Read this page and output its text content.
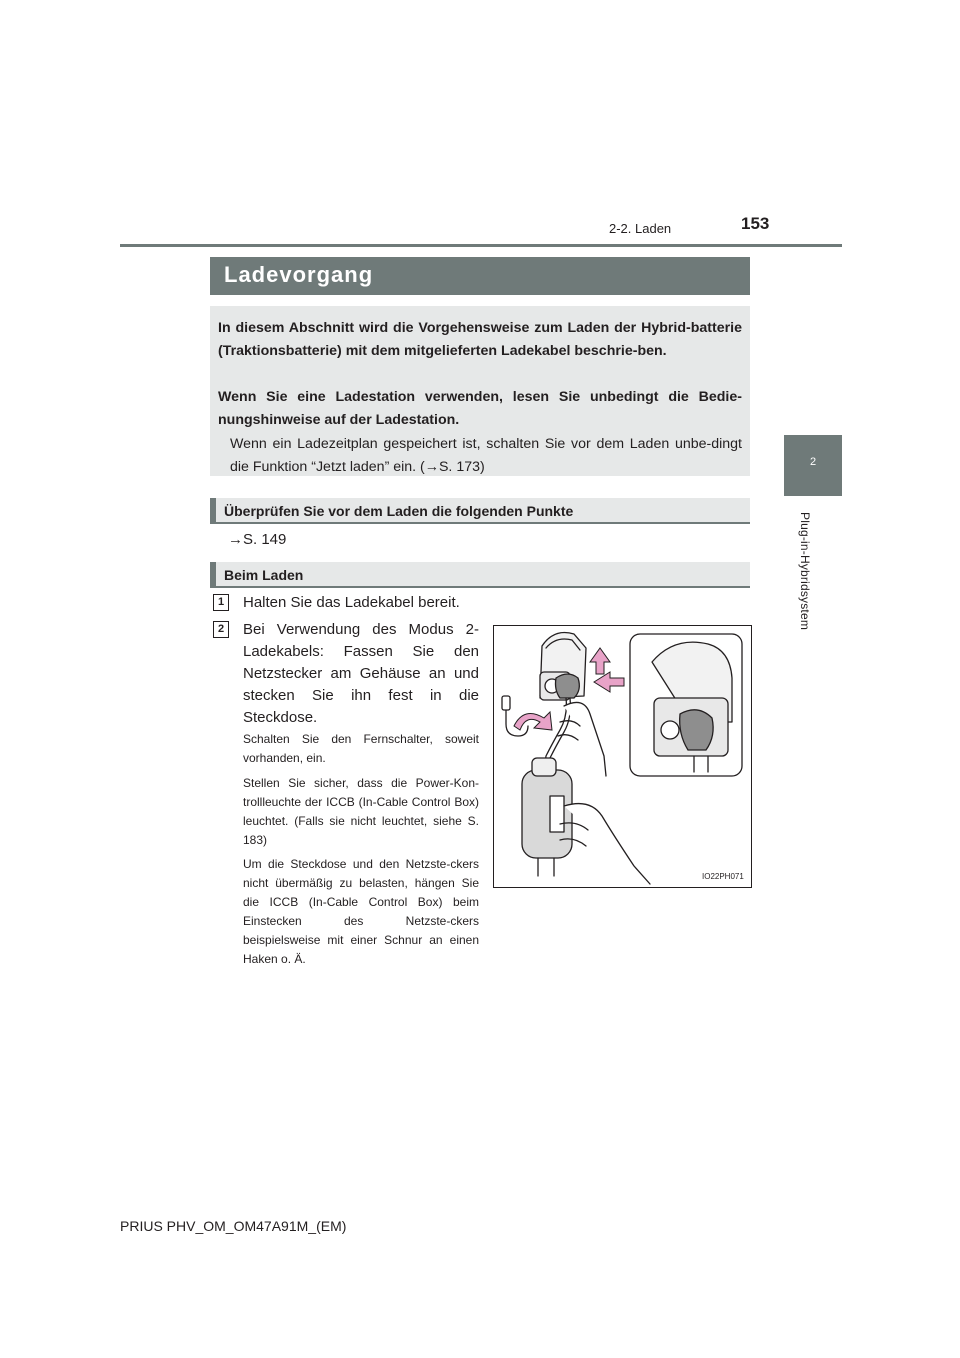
2-2. Laden	153
2
Plug-in-Hybridsystem
Ladevorgang
In diesem Abschnitt wird die Vorgehensweise zum Laden der Hybrid-batterie (Traktionsbatterie) mit dem mitgelieferten Ladekabel beschrie-ben.
Wenn Sie eine Ladestation verwenden, lesen Sie unbedingt die Bedie-nungshinweise auf der Ladestation.
Wenn ein Ladezeitplan gespeichert ist, schalten Sie vor dem Laden unbe-dingt die Funktion “Jetzt laden” ein. (→S. 173)
Überprüfen Sie vor dem Laden die folgenden Punkte
→S. 149
Beim Laden
1	Halten Sie das Ladekabel bereit.
2	Bei Verwendung des Modus 2-Ladekabels: Fassen Sie den Netzstecker am Gehäuse an und stecken Sie ihn fest in die Steckdose.
Schalten Sie den Fernschalter, soweit vorhanden, ein.
Stellen Sie sicher, dass die Power-Kon-trollleuchte der ICCB (In-Cable Control Box) leuchtet. (Falls sie nicht leuchtet, siehe S. 183)
Um die Steckdose und den Netzste-ckers nicht übermäßig zu belasten, hängen Sie die ICCB (In-Cable Control Box) beim Einstecken des Netzste-ckers beispielsweise mit einer Schnur an einen Haken o. Ä.
IO22PH071
PRIUS PHV_OM_OM47A91M_(EM)
